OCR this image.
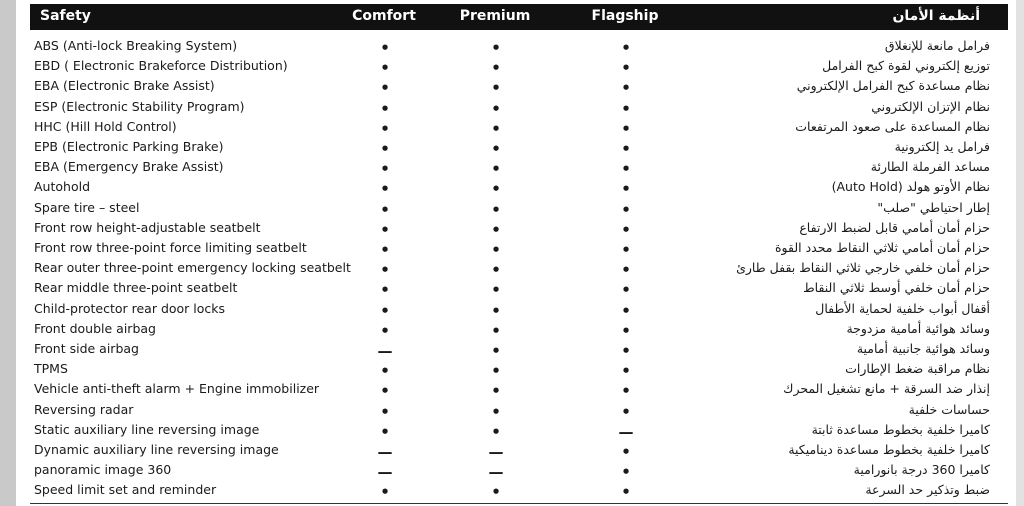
Safety	Comfort	Premium	Flagship	أنظمة الأمان
ABS (Anti-lock Breaking System)	•	•	•	فرامل مانعة للإنغلاق
EBD ( Electronic Brakeforce Distribution)	•	•	•	توزيع إلكتروني لقوة كبح الفرامل
EBA (Electronic Brake Assist)	•	•	•	نظام مساعدة كبح الفرامل الإلكتروني
ESP (Electronic Stability Program)	•	•	•	نظام الإتزان الإلكتروني
HHC (Hill Hold Control)	•	•	•	نظام المساعدة على صعود المرتفعات
EPB (Electronic Parking Brake)	•	•	•	فرامل يد إلكترونية
EBA (Emergency Brake Assist)	•	•	•	مساعد الفرملة الطارئة
Autohold	•	•	•	نظام الأوتو هولد (Auto Hold)
Spare tire – steel	•	•	•	إطار احتياطي "صلب"
Front row height-adjustable seatbelt	•	•	•	حزام أمان أمامي قابل لضبط الارتفاع
Front row three-point force limiting seatbelt	•	•	•	حزام أمان أمامي ثلاثي النقاط محدد القوة
Rear outer three-point emergency locking seatbelt	•	•	•	حزام أمان خلفي خارجي ثلاثي النقاط بقفل طارئ
Rear middle three-point seatbelt	•	•	•	حزام أمان خلفي أوسط ثلاثي النقاط
Child-protector rear door locks	•	•	•	أقفال أبواب خلفية لحماية الأطفال
Front double airbag	•	•	•	وسائد هوائية أمامية مزدوجة
Front side airbag	—	•	•	وسائد هوائية جانبية أمامية
TPMS	•	•	•	نظام مراقبة ضغط الإطارات
Vehicle anti-theft alarm + Engine immobilizer	•	•	•	إنذار ضد السرقة + مانع تشغيل المحرك
Reversing radar	•	•	•	حساسات خلفية
Static auxiliary line reversing image	•	•	—	كاميرا خلفية بخطوط مساعدة ثابتة
Dynamic auxiliary line reversing image	—	—	•	كاميرا خلفية بخطوط مساعدة ديناميكية
panoramic image 360	—	—	•	كاميرا 360 درجة بانورامية
Speed limit set and reminder	•	•	•	ضبط وتذكير حد السرعة
